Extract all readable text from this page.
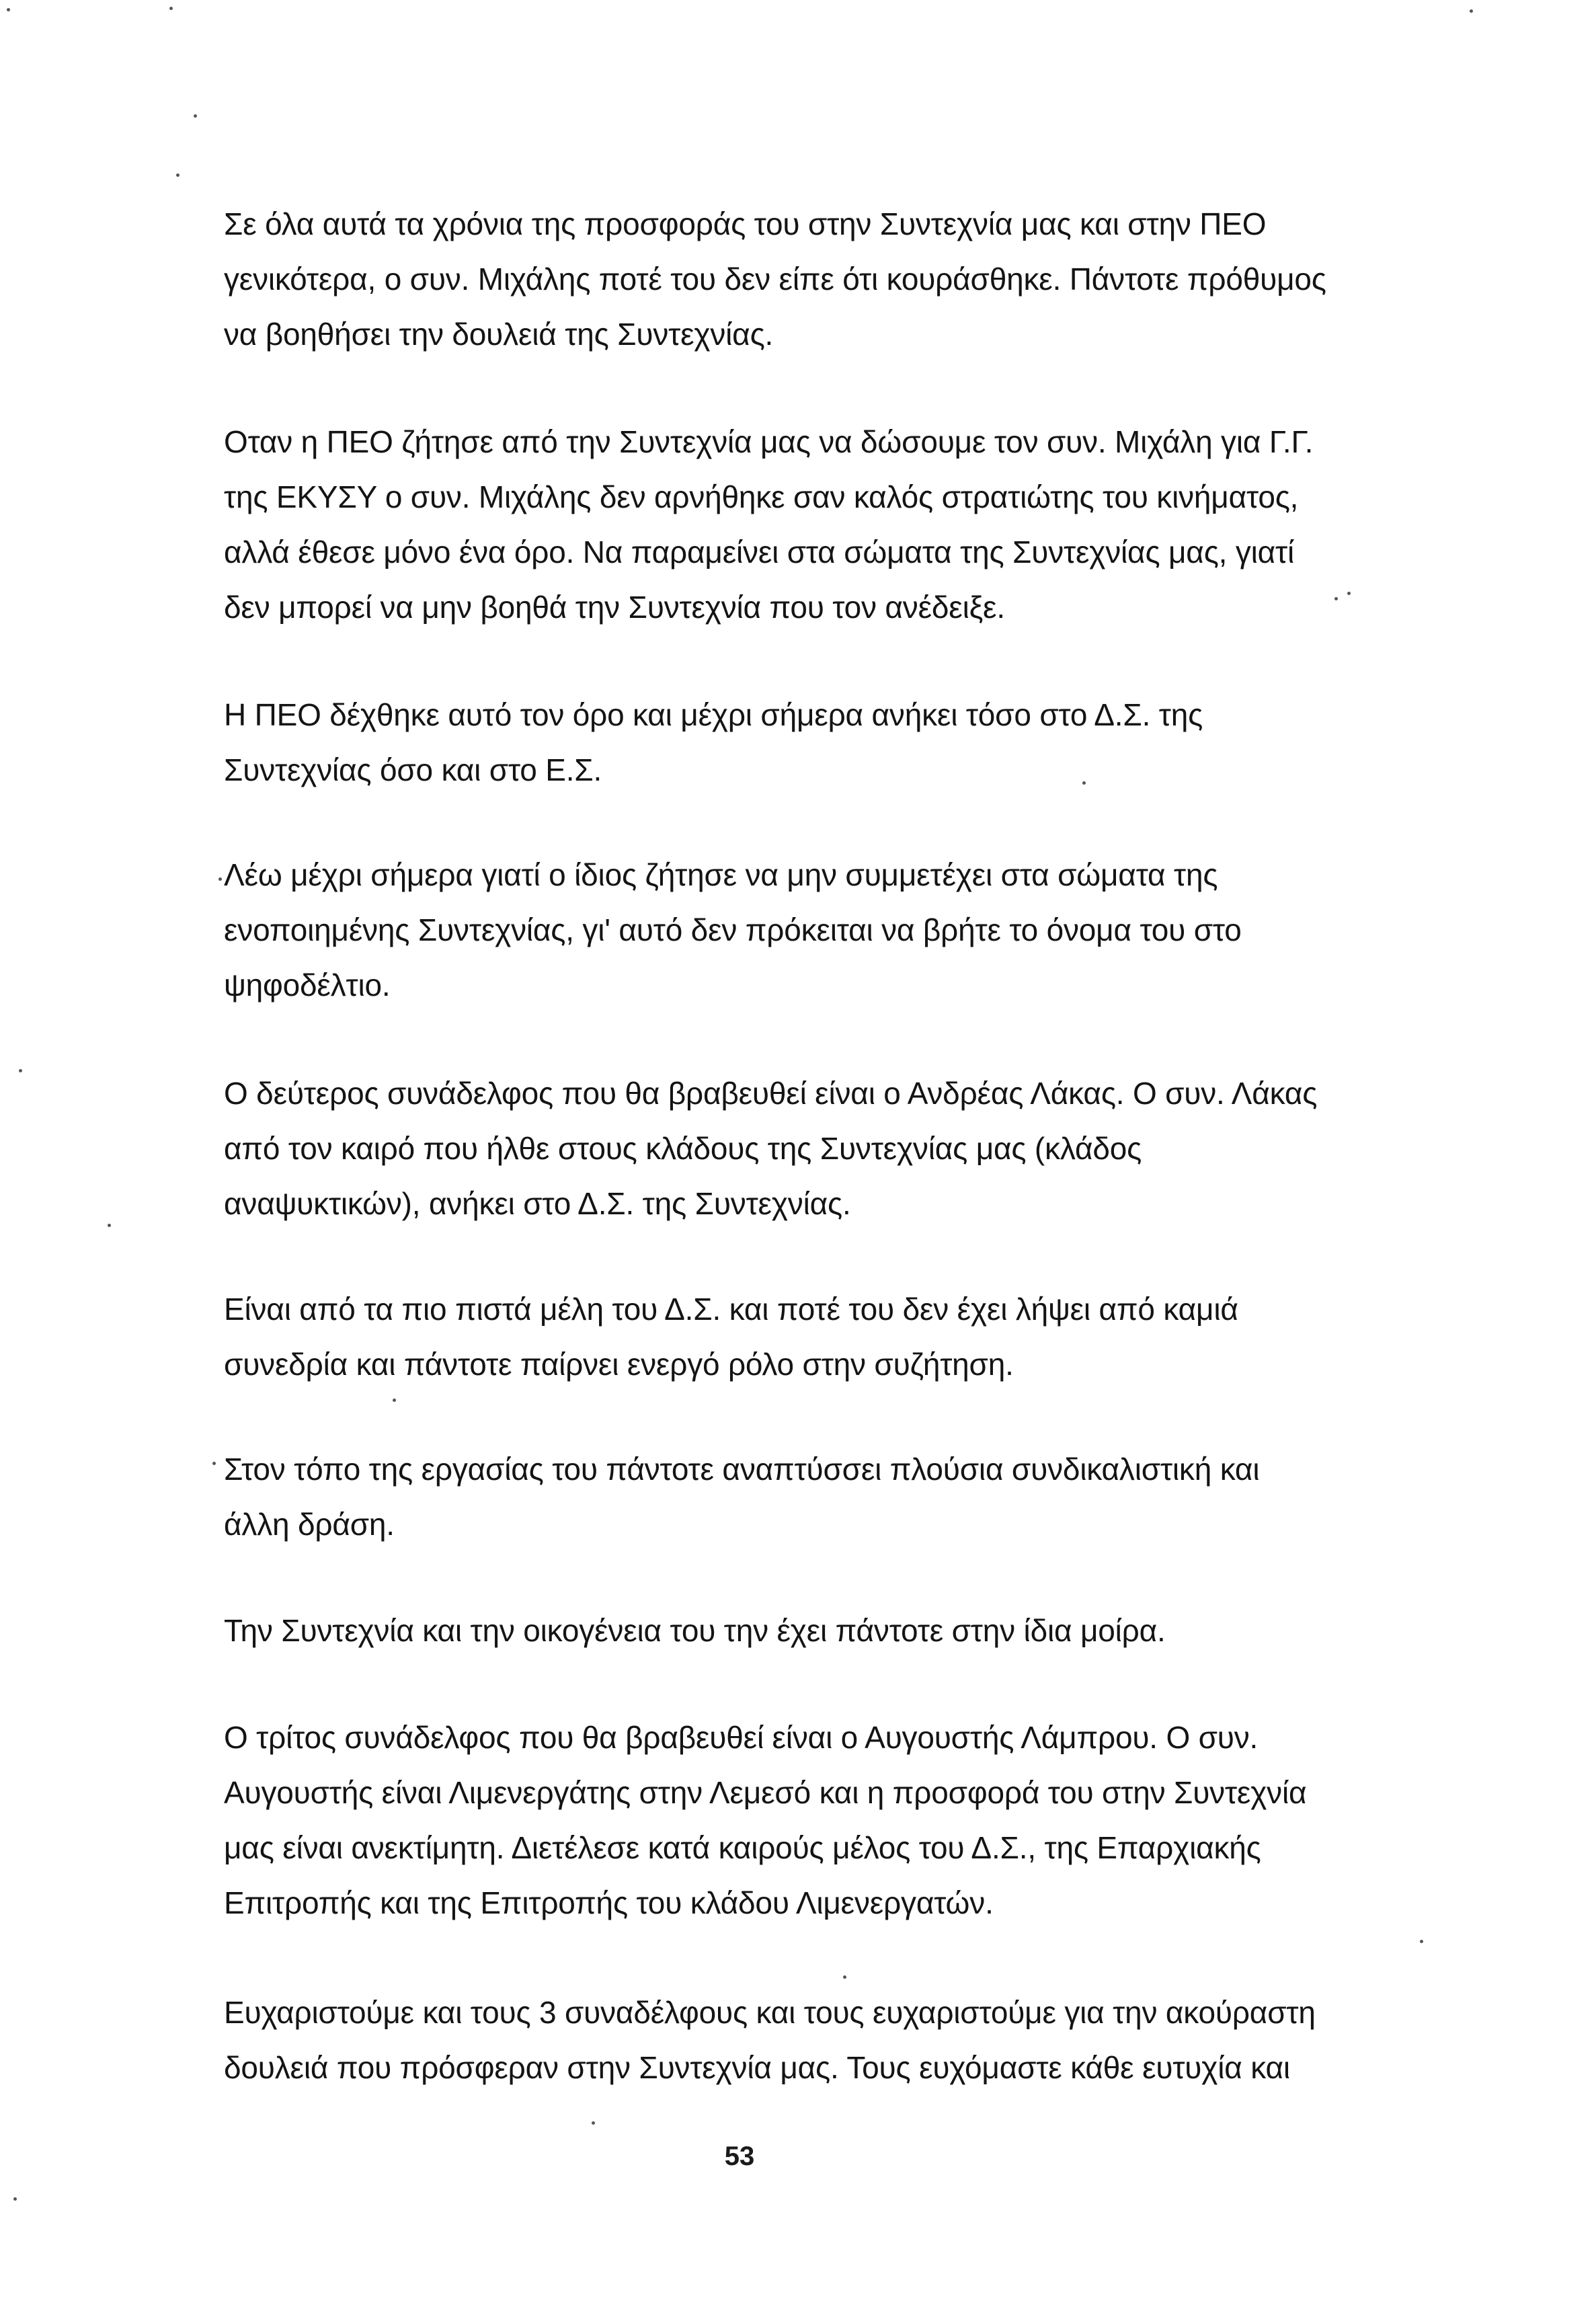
Σε όλα αυτά τα χρόνια της προσφοράς του στην Συντεχνία μας και στην ΠΕΟ
γενικότερα, ο συν. Μιχάλης ποτέ του δεν είπε ότι κουράσθηκε. Πάντοτε πρόθυμος
να βοηθήσει την δουλειά της Συντεχνίας.

Οταν η ΠΕΟ ζήτησε από την Συντεχνία μας να δώσουμε τον συν. Μιχάλη για Γ.Γ.
της ΕΚΥΣΥ ο συν. Μιχάλης δεν αρνήθηκε σαν καλός στρατιώτης του κινήματος,
αλλά έθεσε μόνο ένα όρο. Να παραμείνει στα σώματα της Συντεχνίας μας, γιατί
δεν μπορεί να μην βοηθά την Συντεχνία που τον ανέδειξε.

Η ΠΕΟ δέχθηκε αυτό τον όρο και μέχρι σήμερα ανήκει τόσο στο Δ.Σ. της
Συντεχνίας όσο και στο Ε.Σ.

Λέω μέχρι σήμερα γιατί ο ίδιος ζήτησε να μην συμμετέχει στα σώματα της
ενοποιημένης Συντεχνίας, γι' αυτό δεν πρόκειται να βρήτε το όνομα του στο
ψηφοδέλτιο.

Ο δεύτερος συνάδελφος που θα βραβευθεί είναι ο Ανδρέας Λάκας. Ο συν. Λάκας
από τον καιρό που ήλθε στους κλάδους της Συντεχνίας μας (κλάδος
αναψυκτικών), ανήκει στο Δ.Σ. της Συντεχνίας.

Είναι από τα πιο πιστά μέλη του Δ.Σ. και ποτέ του δεν έχει λήψει από καμιά
συνεδρία και πάντοτε παίρνει ενεργό ρόλο στην συζήτηση.

Στον τόπο της εργασίας του πάντοτε αναπτύσσει πλούσια συνδικαλιστική και
άλλη δράση.

Την Συντεχνία και την οικογένεια του την έχει πάντοτε στην ίδια μοίρα.

Ο τρίτος συνάδελφος που θα βραβευθεί είναι ο Αυγουστής Λάμπρου. Ο συν.
Αυγουστής είναι Λιμενεργάτης στην Λεμεσό και η προσφορά του στην Συντεχνία
μας είναι ανεκτίμητη. Διετέλεσε κατά καιρούς μέλος του Δ.Σ., της Επαρχιακής
Επιτροπής και της Επιτροπής του κλάδου Λιμενεργατών.

Ευχαριστούμε και τους 3 συναδέλφους και τους ευχαριστούμε για την ακούραστη
δουλειά που πρόσφεραν στην Συντεχνία μας. Τους ευχόμαστε κάθε ευτυχία και

53
